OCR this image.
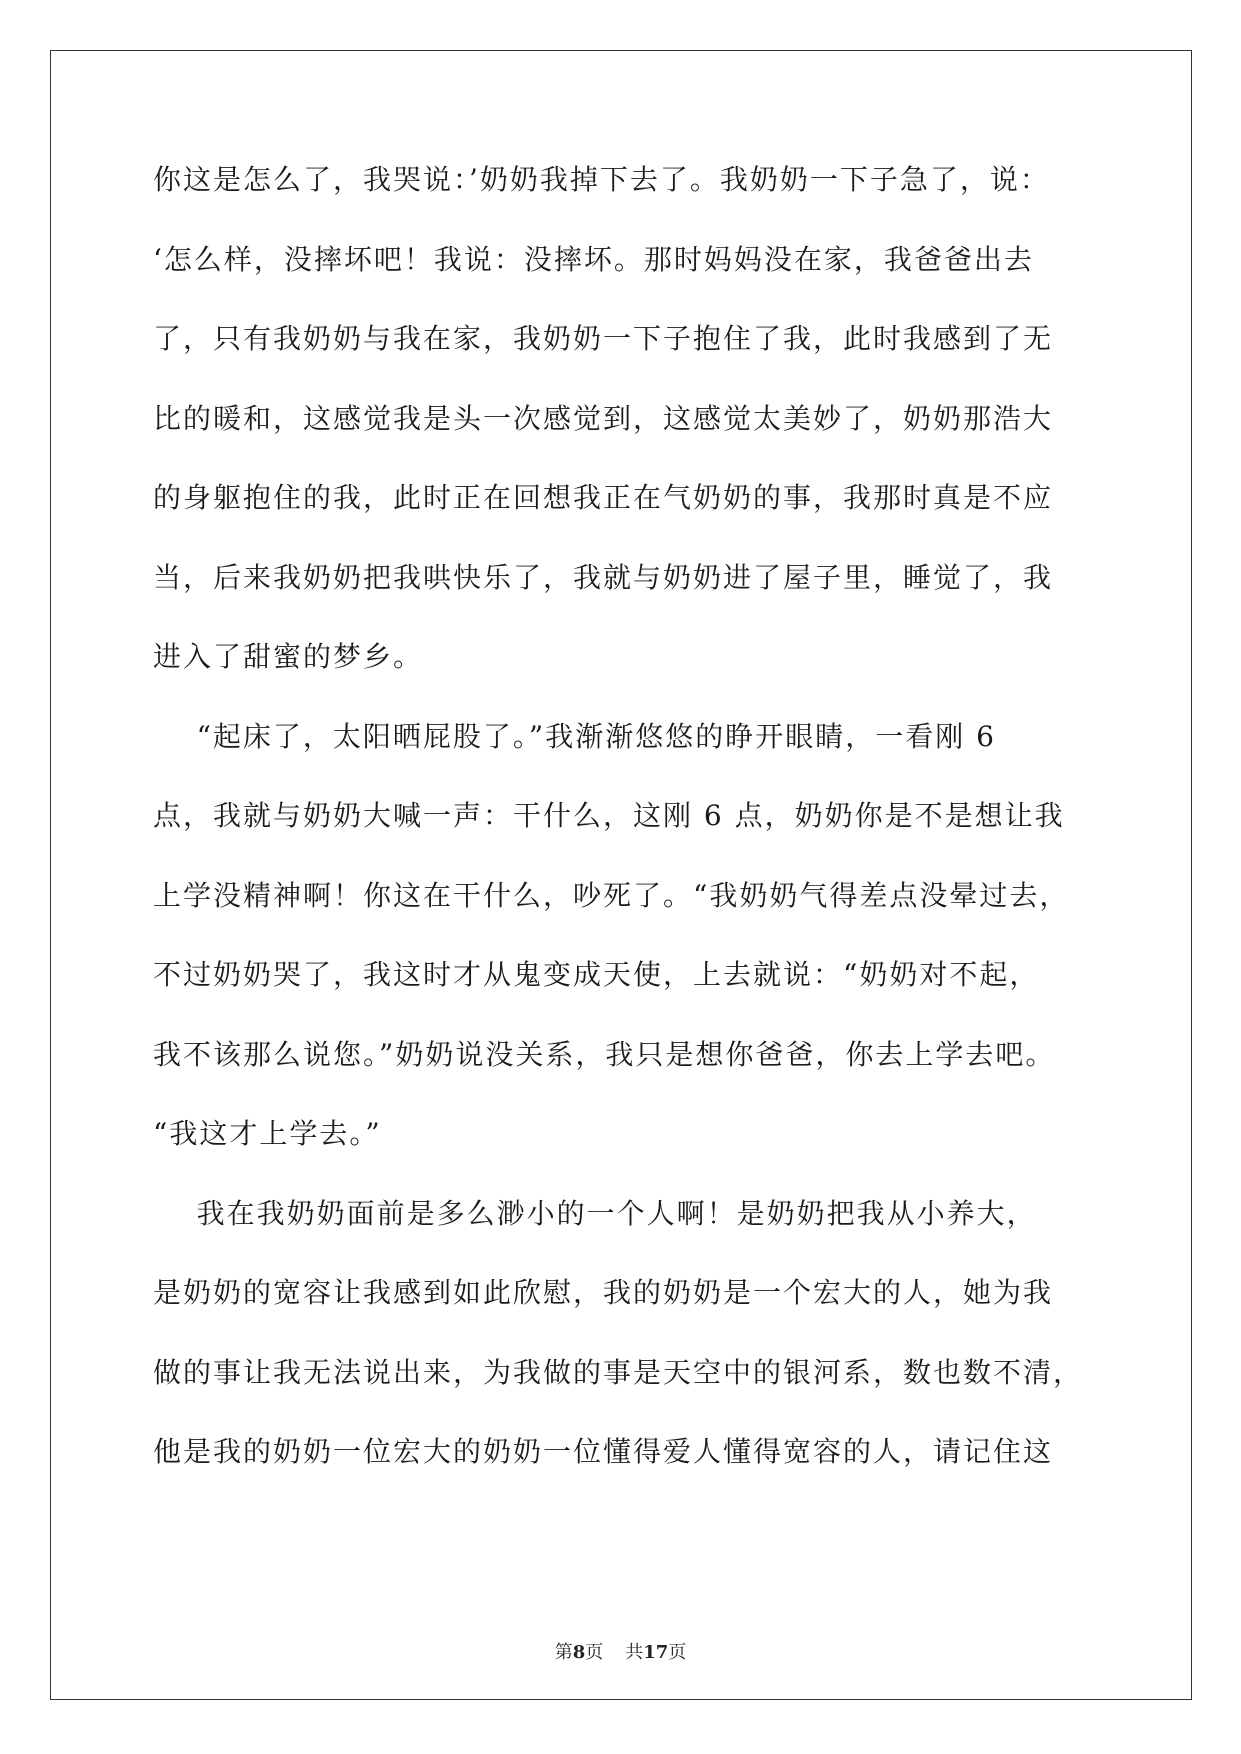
你这是怎么了，我哭说：’奶奶我掉下去了。我奶奶一下子急了，说：
‘怎么样，没摔坏吧！我说：没摔坏。那时妈妈没在家，我爸爸出去
了，只有我奶奶与我在家，我奶奶一下子抱住了我，此时我感到了无
比的暖和，这感觉我是头一次感觉到，这感觉太美妙了，奶奶那浩大
的身躯抱住的我，此时正在回想我正在气奶奶的事，我那时真是不应
当，后来我奶奶把我哄快乐了，我就与奶奶进了屋子里，睡觉了，我
进入了甜蜜的梦乡。
“起床了，太阳晒屁股了。”我渐渐悠悠的睁开眼睛，一看刚 6
点，我就与奶奶大喊一声：干什么，这刚 6 点，奶奶你是不是想让我
上学没精神啊！你这在干什么，吵死了。“我奶奶气得差点没晕过去，
不过奶奶哭了，我这时才从鬼变成天使，上去就说：“奶奶对不起，
我不该那么说您。”奶奶说没关系，我只是想你爸爸，你去上学去吧。
“我这才上学去。”
我在我奶奶面前是多么渺小的一个人啊！是奶奶把我从小养大，
是奶奶的宽容让我感到如此欣慰，我的奶奶是一个宏大的人，她为我
做的事让我无法说出来，为我做的事是天空中的银河系，数也数不清，
他是我的奶奶一位宏大的奶奶一位懂得爱人懂得宽容的人，请记住这
第8页 共17页
